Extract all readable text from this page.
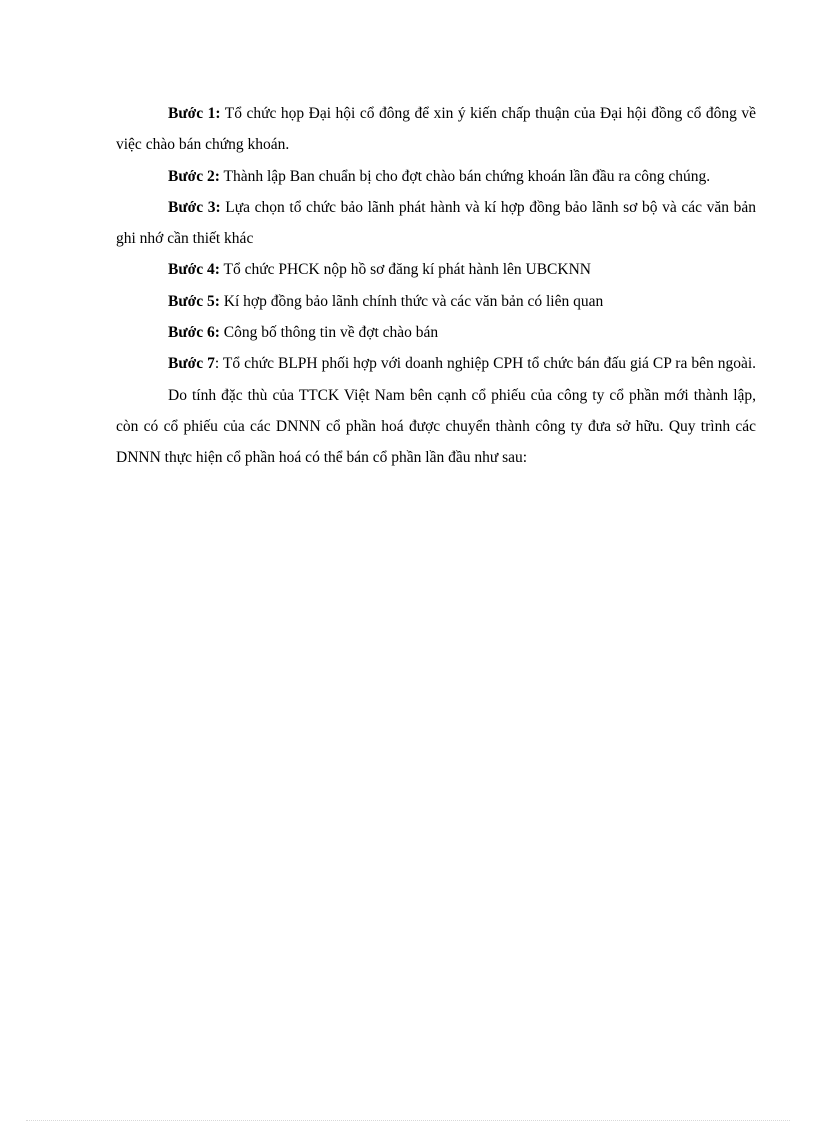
Bước 1: Tổ chức họp Đại hội cổ đông để xin ý kiến chấp thuận của Đại hội đồng cổ đông về việc chào bán chứng khoán.

Bước 2: Thành lập Ban chuẩn bị cho đợt chào bán chứng khoán lần đầu ra công chúng.

Bước 3: Lựa chọn tổ chức bảo lãnh phát hành và kí hợp đồng bảo lãnh sơ bộ và các văn bản ghi nhớ cần thiết khác

Bước 4: Tổ chức PHCK nộp hồ sơ đăng kí phát hành lên UBCKNN

Bước 5: Kí hợp đồng bảo lãnh chính thức và các văn bản có liên quan

Bước 6: Công bố thông tin về đợt chào bán

Bước 7: Tổ chức BLPH phối hợp với doanh nghiệp CPH tổ chức bán đấu giá CP ra bên ngoài.

Do tính đặc thù của TTCK Việt Nam bên cạnh cổ phiếu của công ty cổ phần mới thành lập, còn có cổ phiếu của các DNNN cổ phần hoá được chuyển thành công ty đưa sở hữu. Quy trình các DNNN thực hiện cổ phần hoá có thể bán cổ phần lần đầu như sau:
